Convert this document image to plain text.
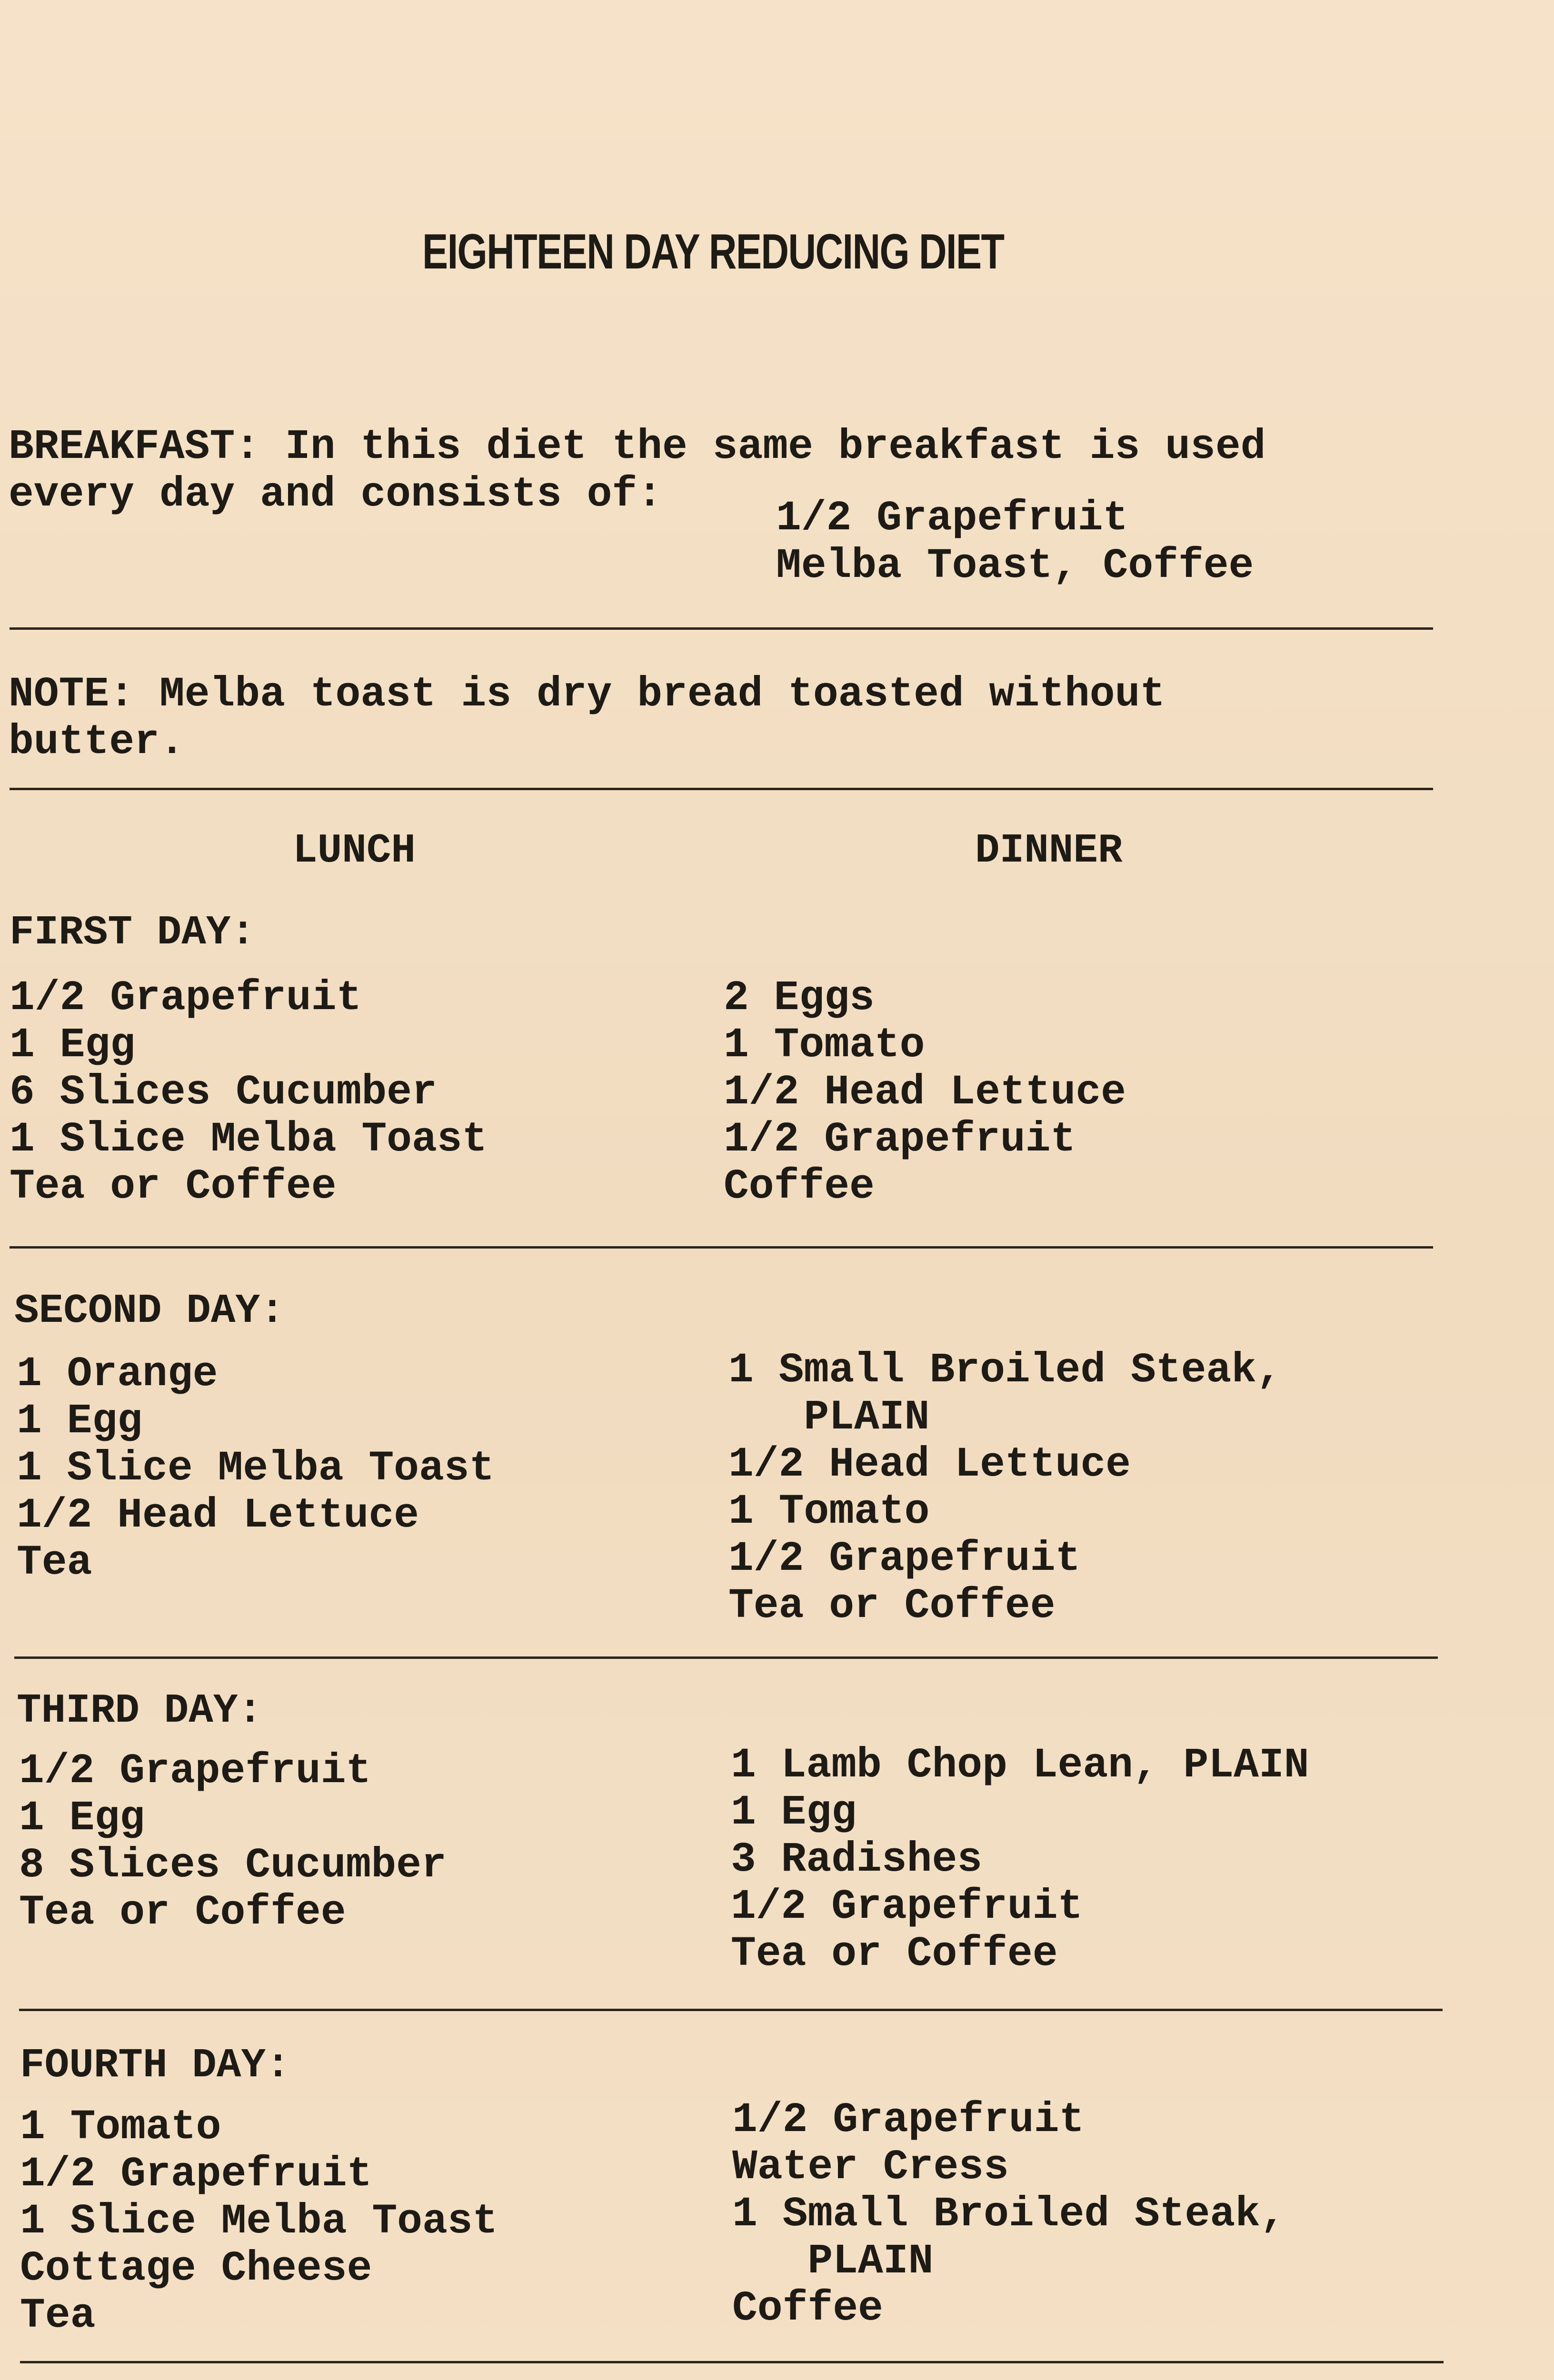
EIGHTEEN DAY REDUCING DIET
BREAKFAST: In this diet the same breakfast is used
every day and consists of:
1/2 Grapefruit
Melba Toast, Coffee
NOTE: Melba toast is dry bread toasted without
butter.
LUNCH	DINNER
FIRST DAY:
1/2 Grapefruit
1 Egg
6 Slices Cucumber
1 Slice Melba Toast
Tea or Coffee
2 Eggs
1 Tomato
1/2 Head Lettuce
1/2 Grapefruit
Coffee
SECOND DAY:
1 Orange
1 Egg
1 Slice Melba Toast
1/2 Head Lettuce
Tea
1 Small Broiled Steak,
PLAIN
1/2 Head Lettuce
1 Tomato
1/2 Grapefruit
Tea or Coffee
THIRD DAY:
1/2 Grapefruit
1 Egg
8 Slices Cucumber
Tea or Coffee
1 Lamb Chop Lean, PLAIN
1 Egg
3 Radishes
1/2 Grapefruit
Tea or Coffee
FOURTH DAY:
1 Tomato
1/2 Grapefruit
1 Slice Melba Toast
Cottage Cheese
Tea
1/2 Grapefruit
Water Cress
1 Small Broiled Steak,
PLAIN
Coffee
